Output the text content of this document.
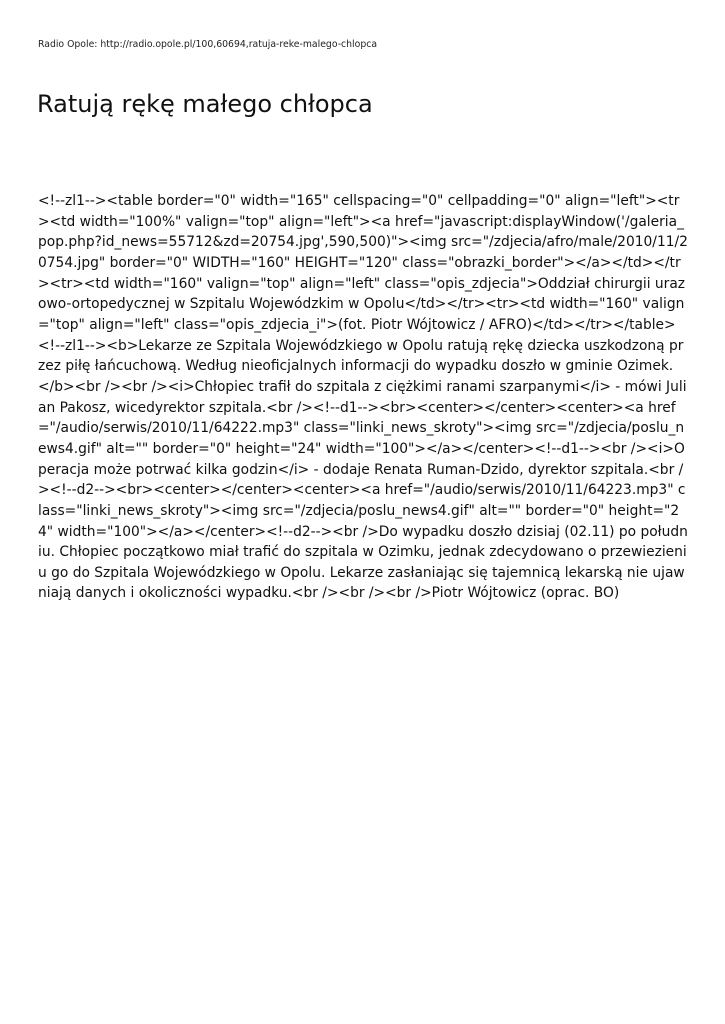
Radio Opole: http://radio.opole.pl/100,60694,ratuja-reke-malego-chlopca
Ratują rękę małego chłopca

<!--zl1--><table border="0" width="165" cellspacing="0" cellpadding="0" align="left"><tr><td width="100%" valign="top" align="left"><a href="javascript:displayWindow('/galeria_pop.php?id_news=55712&zd=20754.jpg',590,500)"><img src="/zdjecia/afro/male/2010/11/20754.jpg" border="0" WIDTH="160" HEIGHT="120" class="obrazki_border"></a></td></tr><tr><td width="160" valign="top" align="left" class="opis_zdjecia">Oddział chirurgii urazowo-ortopedycznej w Szpitalu Wojewódzkim w Opolu</td></tr><tr><td width="160" valign="top" align="left" class="opis_zdjecia_i">(fot. Piotr Wójtowicz / AFRO)</td></tr></table><!--zl1--><b>Lekarze ze Szpitala Wojewódzkiego w Opolu ratują rękę dziecka uszkodzoną przez piłę łańcuchową. Według nieoficjalnych informacji do wypadku doszło w gminie Ozimek.</b><br /><br /><i>Chłopiec trafił do szpitala z ciężkimi ranami szarpanymi</i> - mówi Julian Pakosz, wicedyrektor szpitala.<br /><!--d1--><br><center></center><center><a href="/audio/serwis/2010/11/64222.mp3" class="linki_news_skroty"><img src="/zdjecia/poslu_news4.gif" alt="" border="0" height="24" width="100"></a></center><!--d1--><br /><i>Operacja może potrwać kilka godzin</i> - dodaje Renata Ruman-Dzido, dyrektor szpitala.<br /><!--d2--><br><center></center><center><a href="/audio/serwis/2010/11/64223.mp3" class="linki_news_skroty"><img src="/zdjecia/poslu_news4.gif" alt="" border="0" height="24" width="100"></a></center><!--d2--><br />Do wypadku doszło dzisiaj (02.11) po południu. Chłopiec początkowo miał trafić do szpitala w Ozimku, jednak zdecydowano o przewiezieniu go do Szpitala Wojewódzkiego w Opolu. Lekarze zasłaniając się tajemnicą lekarską nie ujawniają danych i okoliczności wypadku.<br /><br /><br />Piotr Wójtowicz (oprac. BO)
